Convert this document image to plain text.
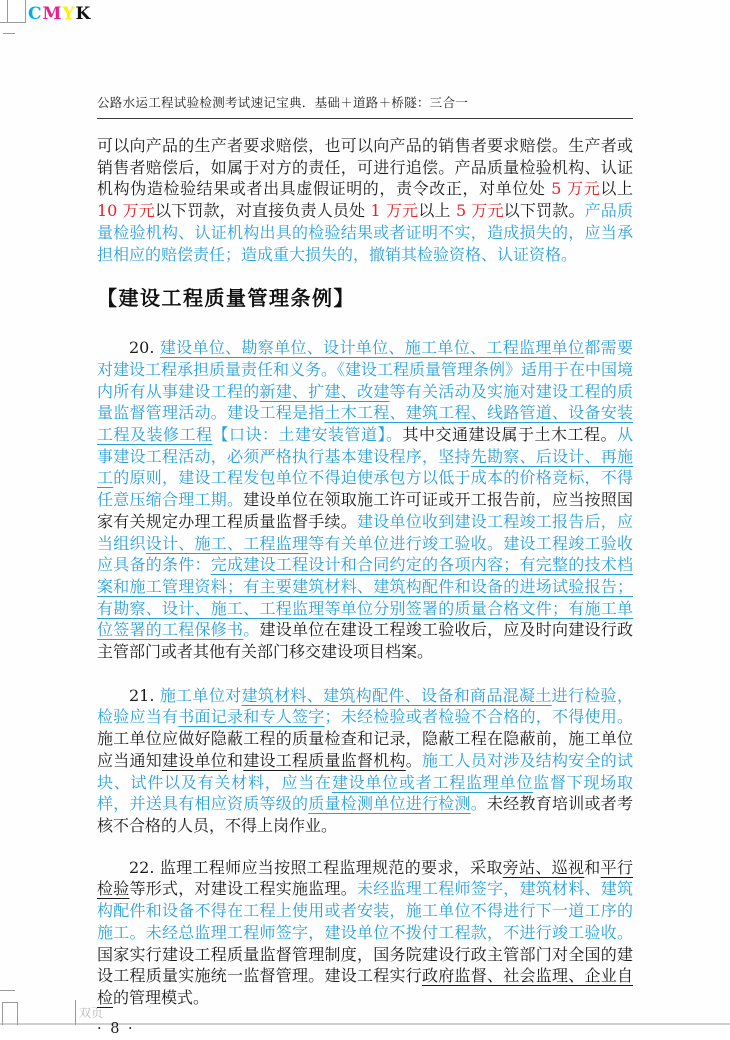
CMYK
双页
公路水运工程试验检测考试速记宝典．基础＋道路＋桥隧：三合一

可以向产品的生产者要求赔偿，也可以向产品的销售者要求赔偿。生产者或销售者赔偿后，如属于对方的责任，可进行追偿。产品质量检验机构、认证机构伪造检验结果或者出具虚假证明的，责令改正，对单位处 5 万元以上 10 万元以下罚款，对直接负责人员处 1 万元以上 5 万元以下罚款。产品质量检验机构、认证机构出具的检验结果或者证明不实，造成损失的，应当承担相应的赔偿责任；造成重大损失的，撤销其检验资格、认证资格。

【建设工程质量管理条例】

20. 建设单位、勘察单位、设计单位、施工单位、工程监理单位都需要对建设工程承担质量责任和义务。《建设工程质量管理条例》适用于在中国境内所有从事建设工程的新建、扩建、改建等有关活动及实施对建设工程的质量监督管理活动。建设工程是指土木工程、建筑工程、线路管道、设备安装工程及装修工程【口诀：土建安装管道】。其中交通建设属于土木工程。从事建设工程活动，必须严格执行基本建设程序，坚持先勘察、后设计、再施工的原则，建设工程发包单位不得迫使承包方以低于成本的价格竞标，不得任意压缩合理工期。建设单位在领取施工许可证或开工报告前，应当按照国家有关规定办理工程质量监督手续。建设单位收到建设工程竣工报告后，应当组织设计、施工、工程监理等有关单位进行竣工验收。建设工程竣工验收应具备的条件：完成建设工程设计和合同约定的各项内容；有完整的技术档案和施工管理资料；有主要建筑材料、建筑构配件和设备的进场试验报告；有勘察、设计、施工、工程监理等单位分别签署的质量合格文件；有施工单位签署的工程保修书。建设单位在建设工程竣工验收后，应及时向建设行政主管部门或者其他有关部门移交建设项目档案。

21. 施工单位对建筑材料、建筑构配件、设备和商品混凝土进行检验，检验应当有书面记录和专人签字；未经检验或者检验不合格的，不得使用。施工单位应做好隐蔽工程的质量检查和记录，隐蔽工程在隐蔽前，施工单位应当通知建设单位和建设工程质量监督机构。施工人员对涉及结构安全的试块、试件以及有关材料，应当在建设单位或者工程监理单位监督下现场取样，并送具有相应资质等级的质量检测单位进行检测。未经教育培训或者考核不合格的人员，不得上岗作业。

22. 监理工程师应当按照工程监理规范的要求，采取旁站、巡视和平行检验等形式，对建设工程实施监理。未经监理工程师签字，建筑材料、建筑构配件和设备不得在工程上使用或者安装，施工单位不得进行下一道工序的施工。未经总监理工程师签字，建设单位不拨付工程款，不进行竣工验收。国家实行建设工程质量监督管理制度，国务院建设行政主管部门对全国的建设工程质量实施统一监督管理。建设工程实行政府监督、社会监理、企业自检的管理模式。

· 8 ·
